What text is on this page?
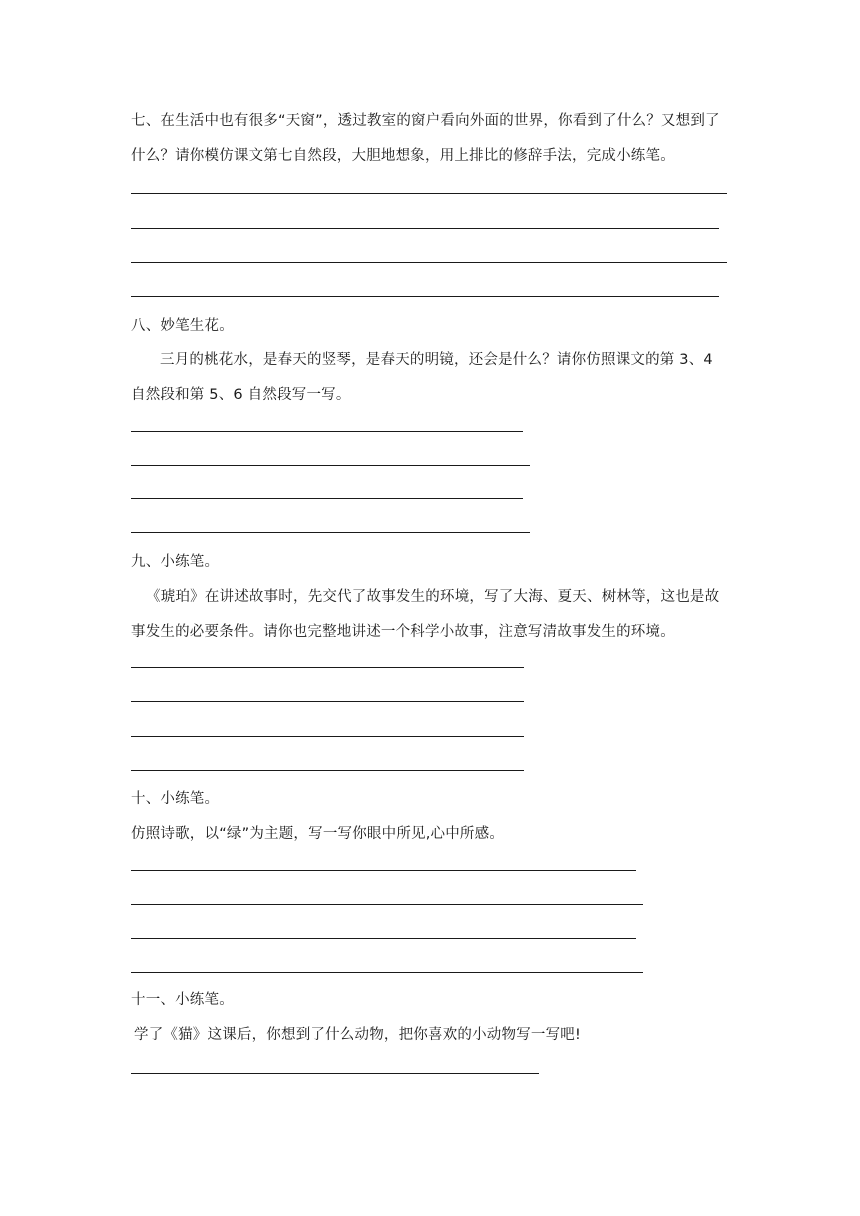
七、在生活中也有很多“天窗”，透过教室的窗户看向外面的世界，你看到了什么？又想到了
什么？请你模仿课文第七自然段，大胆地想象，用上排比的修辞手法，完成小练笔。
八、妙笔生花。
三月的桃花水，是春天的竖琴，是春天的明镜，还会是什么？请你仿照课文的第 3、4
自然段和第 5、6 自然段写一写。
九、小练笔。
《琥珀》在讲述故事时，先交代了故事发生的环境，写了大海、夏天、树林等，这也是故
事发生的必要条件。请你也完整地讲述一个科学小故事，注意写清故事发生的环境。
十、小练笔。
仿照诗歌，以“绿”为主题，写一写你眼中所见,心中所感。
十一、小练笔。
学了《猫》这课后，你想到了什么动物，把你喜欢的小动物写一写吧!
